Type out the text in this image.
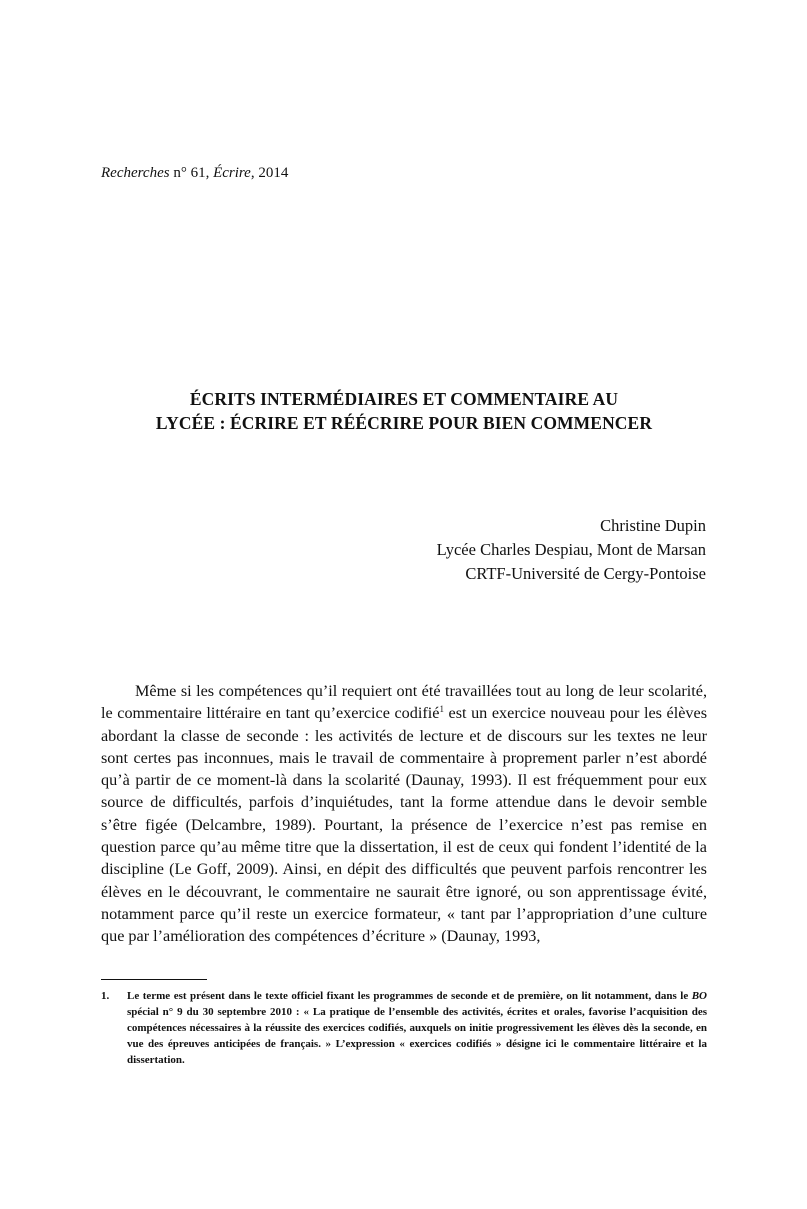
Recherches n° 61, Écrire, 2014
ÉCRITS INTERMÉDIAIRES ET COMMENTAIRE AU
LYCÉE : ÉCRIRE ET RÉÉCRIRE POUR BIEN COMMENCER
Christine Dupin
Lycée Charles Despiau, Mont de Marsan
CRTF-Université de Cergy-Pontoise

Même si les compétences qu’il requiert ont été travaillées tout au long de leur scolarité, le commentaire littéraire en tant qu’exercice codifié$^1$ est un exercice nouveau pour les élèves abordant la classe de seconde : les activités de lecture et de discours sur les textes ne leur sont certes pas inconnues, mais le travail de commentaire à proprement parler n’est abordé qu’à partir de ce moment-là dans la scolarité (Daunay, 1993). Il est fréquemment pour eux source de difficultés, parfois d’inquiétudes, tant la forme attendue dans le devoir semble s’être figée (Delcambre, 1989). Pourtant, la présence de l’exercice n’est pas remise en question parce qu’au même titre que la dissertation, il est de ceux qui fondent l’identité de la discipline (Le Goff, 2009). Ainsi, en dépit des difficultés que peuvent parfois rencontrer les élèves en le découvrant, le commentaire ne saurait être ignoré, ou son apprentissage évité, notamment parce qu’il reste un exercice formateur, « tant par l’appropriation d’une culture que par l’amélioration des compétences d’écriture » (Daunay, 1993,

1. Le terme est présent dans le texte officiel fixant les programmes de seconde et de première, on lit notamment, dans le BO spécial n° 9 du 30 septembre 2010 : « La pratique de l’ensemble des activités, écrites et orales, favorise l’acquisition des compétences nécessaires à la réussite des exercices codifiés, auxquels on initie progressivement les élèves dès la seconde, en vue des épreuves anticipées de français. » L’expression « exercices codifiés » désigne ici le commentaire littéraire et la dissertation.
